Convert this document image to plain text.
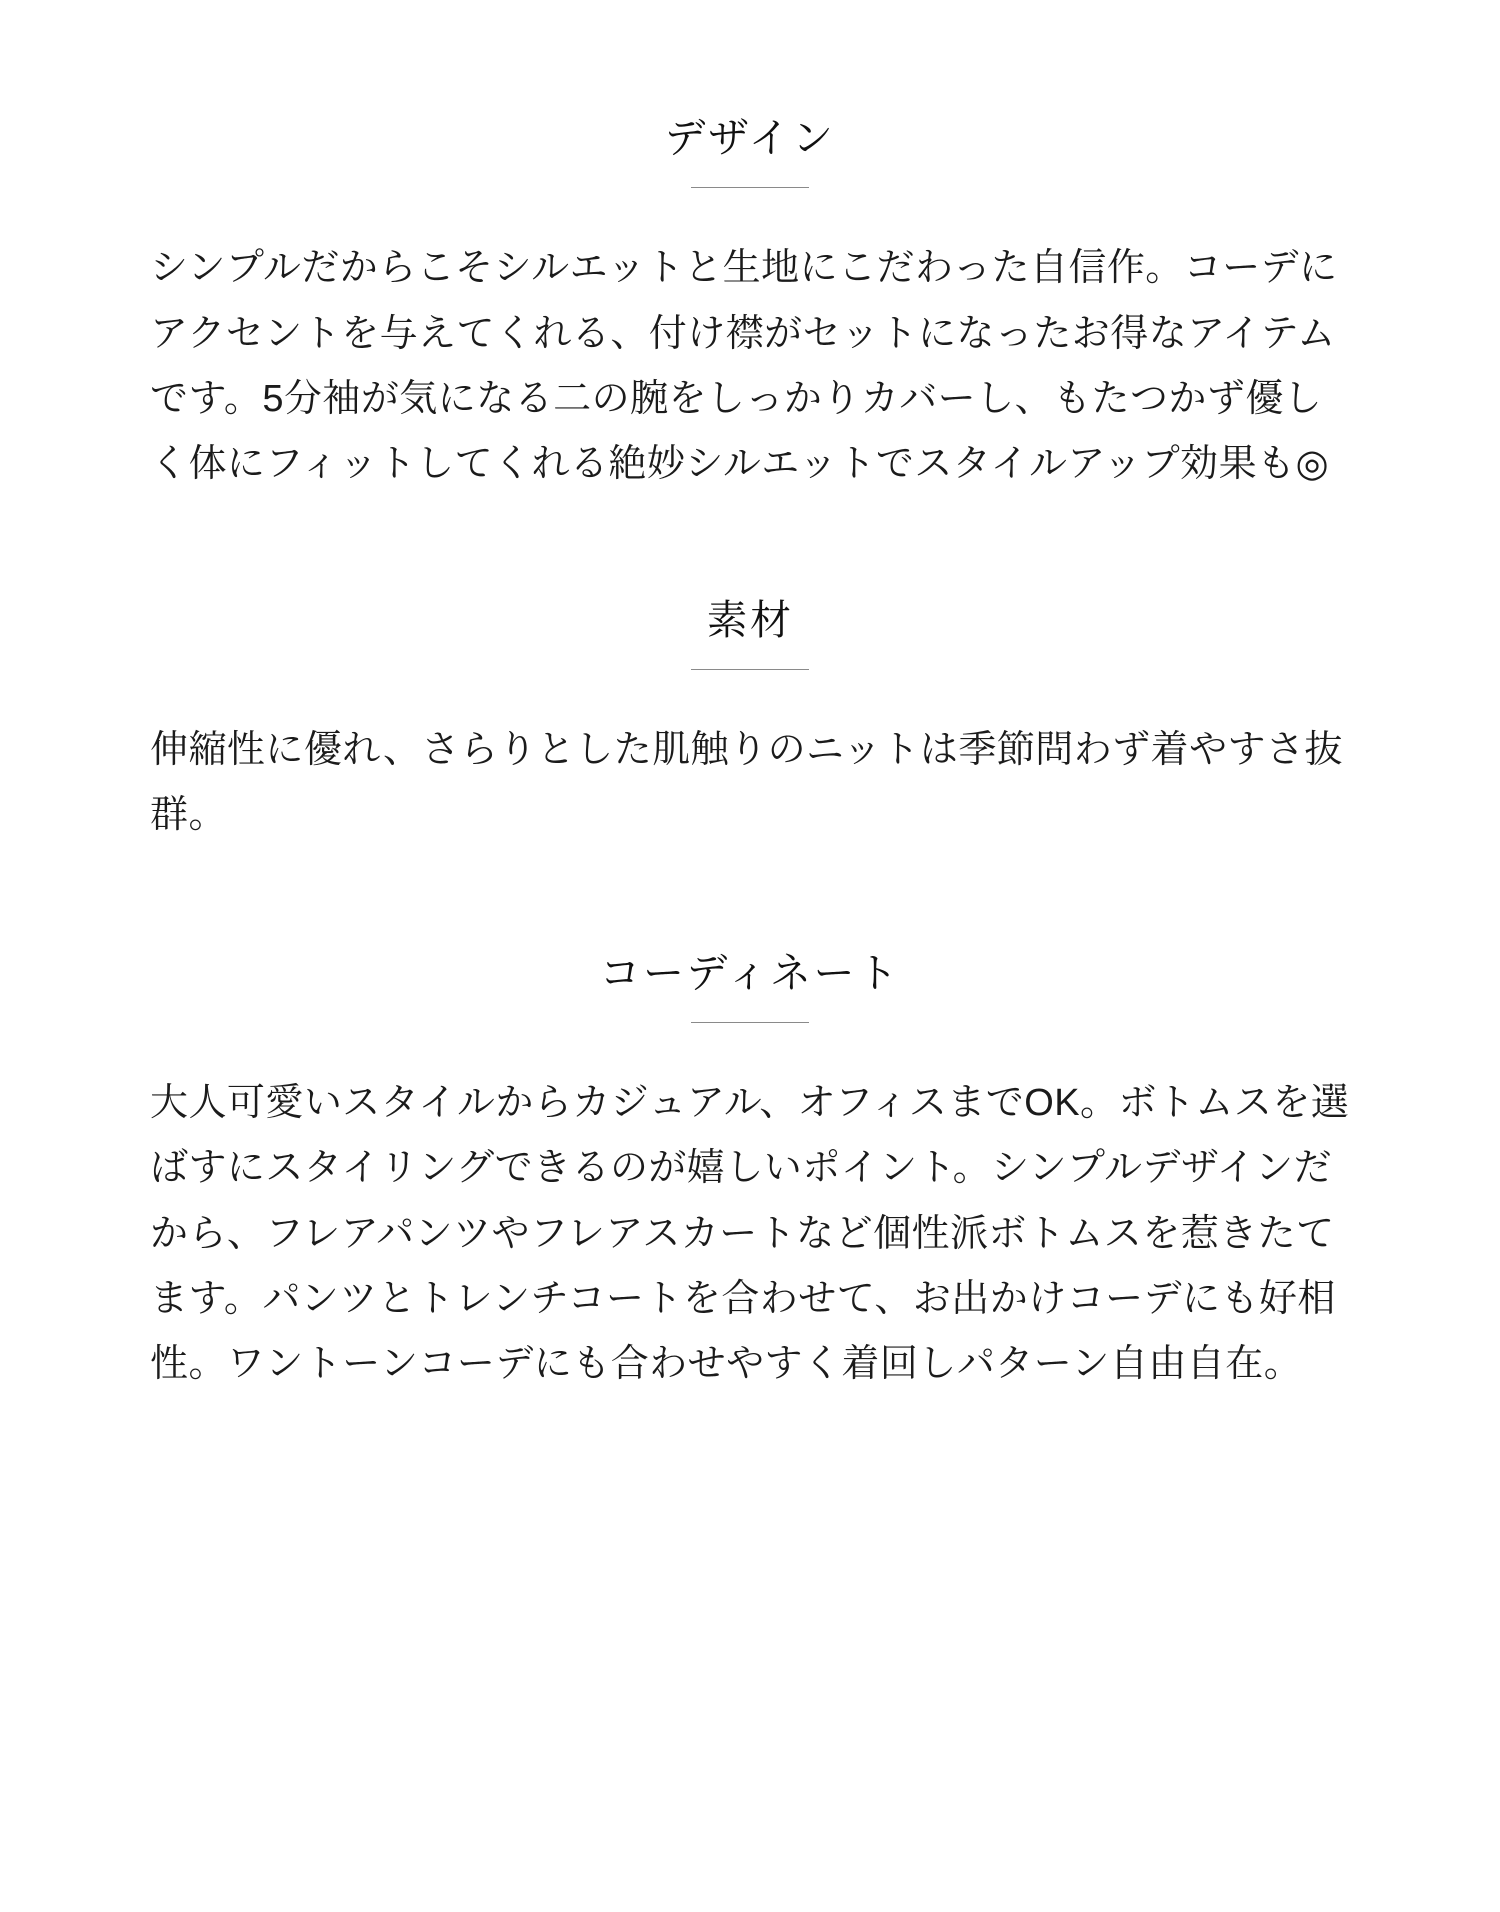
デザイン

シンプルだからこそシルエットと生地にこだわった自信作。コーデにアクセントを与えてくれる、付け襟がセットになったお得なアイテムです。5分袖が気になる二の腕をしっかりカバーし、もたつかず優しく体にフィットしてくれる絶妙シルエットでスタイルアップ効果も◎

素材

伸縮性に優れ、さらりとした肌触りのニットは季節問わず着やすさ抜群。

コーディネート

大人可愛いスタイルからカジュアル、オフィスまでOK。ボトムスを選ばすにスタイリングできるのが嬉しいポイント。シンプルデザインだから、フレアパンツやフレアスカートなど個性派ボトムスを惹きたてます。パンツとトレンチコートを合わせて、お出かけコーデにも好相性。ワントーンコーデにも合わせやすく着回しパターン自由自在。
